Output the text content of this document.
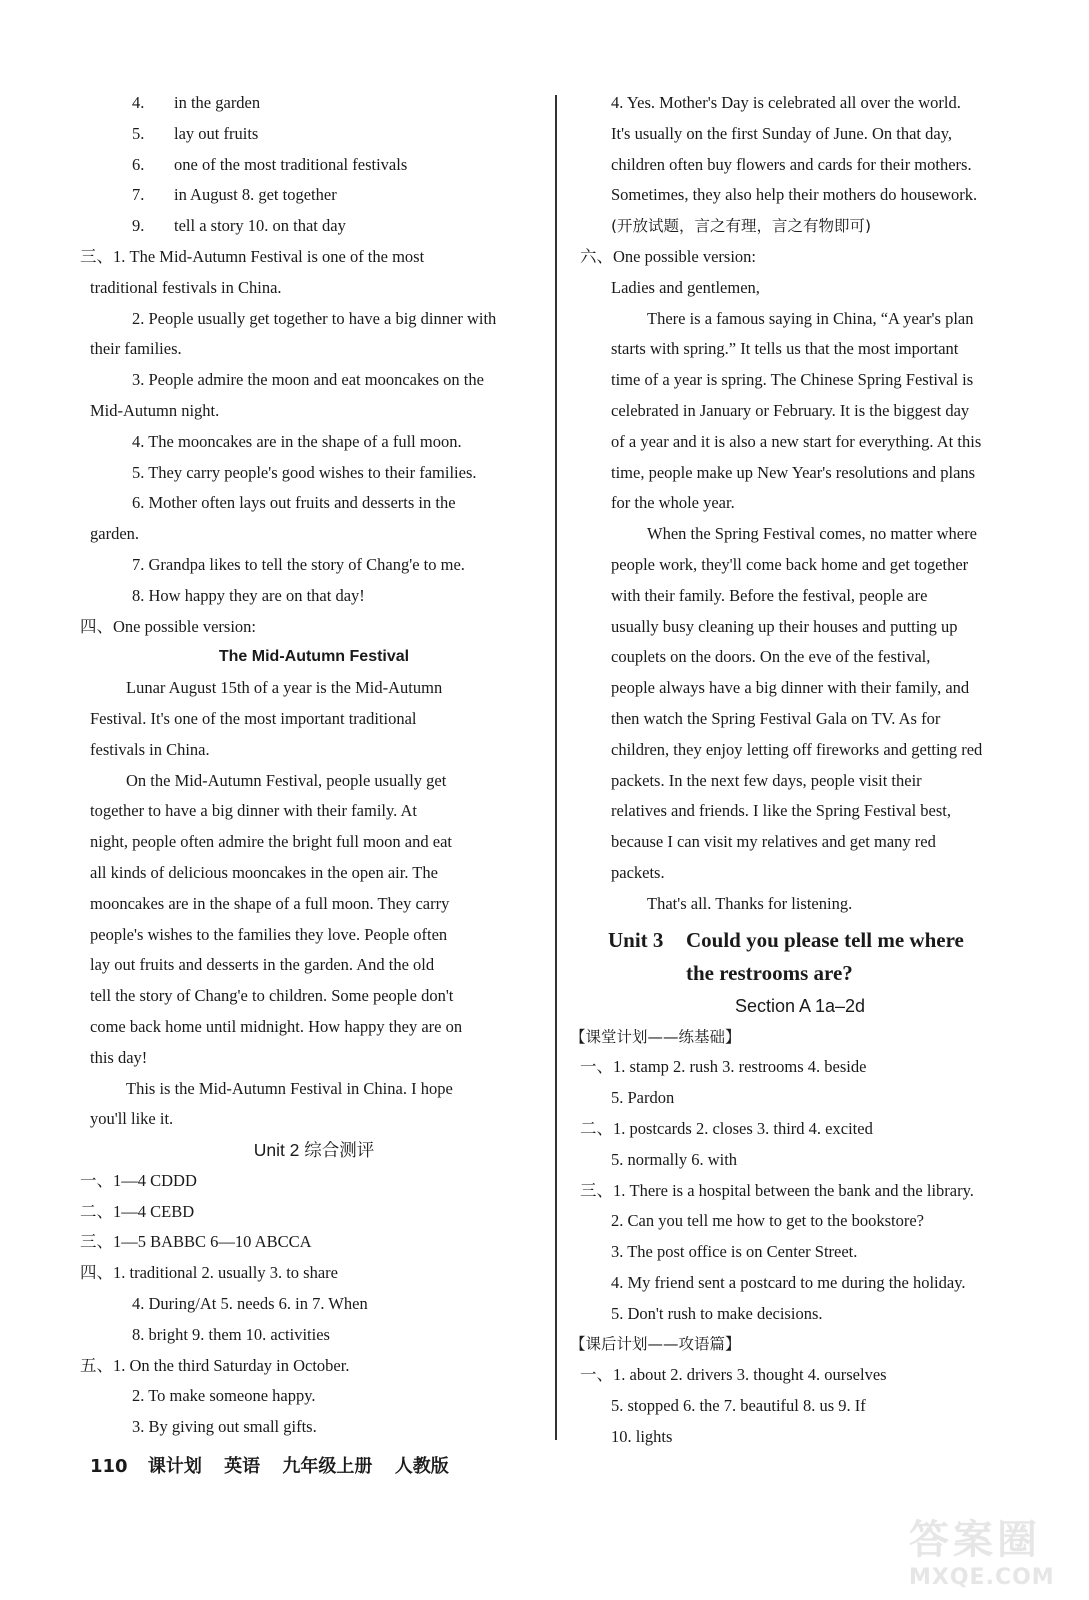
4. in the garden
5. lay out fruits
6. one of the most traditional festivals
7. in August 8. get together
9. tell a story 10. on that day
三、1. The Mid-Autumn Festival is one of the most
traditional festivals in China.
2. People usually get together to have a big dinner with
their families.
3. People admire the moon and eat mooncakes on the
Mid-Autumn night.
4. The mooncakes are in the shape of a full moon.
5. They carry people's good wishes to their families.
6. Mother often lays out fruits and desserts in the
garden.
7. Grandpa likes to tell the story of Chang'e to me.
8. How happy they are on that day!
四、One possible version:
The Mid-Autumn Festival
Lunar August 15th of a year is the Mid-Autumn
Festival. It's one of the most important traditional
festivals in China.
On the Mid-Autumn Festival, people usually get
together to have a big dinner with their family. At
night, people often admire the bright full moon and eat
all kinds of delicious mooncakes in the open air. The
mooncakes are in the shape of a full moon. They carry
people's wishes to the families they love. People often
lay out fruits and desserts in the garden. And the old
tell the story of Chang'e to children. Some people don't
come back home until midnight. How happy they are on
this day!
This is the Mid-Autumn Festival in China. I hope
you'll like it.
Unit 2 综合测评
一、1—4 CDDD
二、1—4 CEBD
三、1—5 BABBC 6—10 ABCCA
四、1. traditional 2. usually 3. to share
4. During/At 5. needs 6. in 7. When
8. bright 9. them 10. activities
五、1. On the third Saturday in October.
2. To make someone happy.
3. By giving out small gifts.
4. Yes. Mother's Day is celebrated all over the world.
It's usually on the first Sunday of June. On that day,
children often buy flowers and cards for their mothers.
Sometimes, they also help their mothers do housework.
(开放试题，言之有理，言之有物即可)
六、One possible version:
Ladies and gentlemen,
There is a famous saying in China, “A year's plan
starts with spring.” It tells us that the most important
time of a year is spring. The Chinese Spring Festival is
celebrated in January or February. It is the biggest day
of a year and it is also a new start for everything. At this
time, people make up New Year's resolutions and plans
for the whole year.
When the Spring Festival comes, no matter where
people work, they'll come back home and get together
with their family. Before the festival, people are
usually busy cleaning up their houses and putting up
couplets on the doors. On the eve of the festival,
people always have a big dinner with their family, and
then watch the Spring Festival Gala on TV. As for
children, they enjoy letting off fireworks and getting red
packets. In the next few days, people visit their
relatives and friends. I like the Spring Festival best,
because I can visit my relatives and get many red
packets.
That's all. Thanks for listening.
Unit 3 Could you please tell me where
the restrooms are?
Section A 1a–2d
【课堂计划——练基础】
一、1. stamp 2. rush 3. restrooms 4. beside
5. Pardon
二、1. postcards 2. closes 3. third 4. excited
5. normally 6. with
三、1. There is a hospital between the bank and the library.
2. Can you tell me how to get to the bookstore?
3. The post office is on Center Street.
4. My friend sent a postcard to me during the holiday.
5. Don't rush to make decisions.
【课后计划——攻语篇】
一、1. about 2. drivers 3. thought 4. ourselves
5. stopped 6. the 7. beautiful 8. us 9. If
10. lights
110 课计划 英语 九年级上册 人教版
答案圈
MXQE.COM
